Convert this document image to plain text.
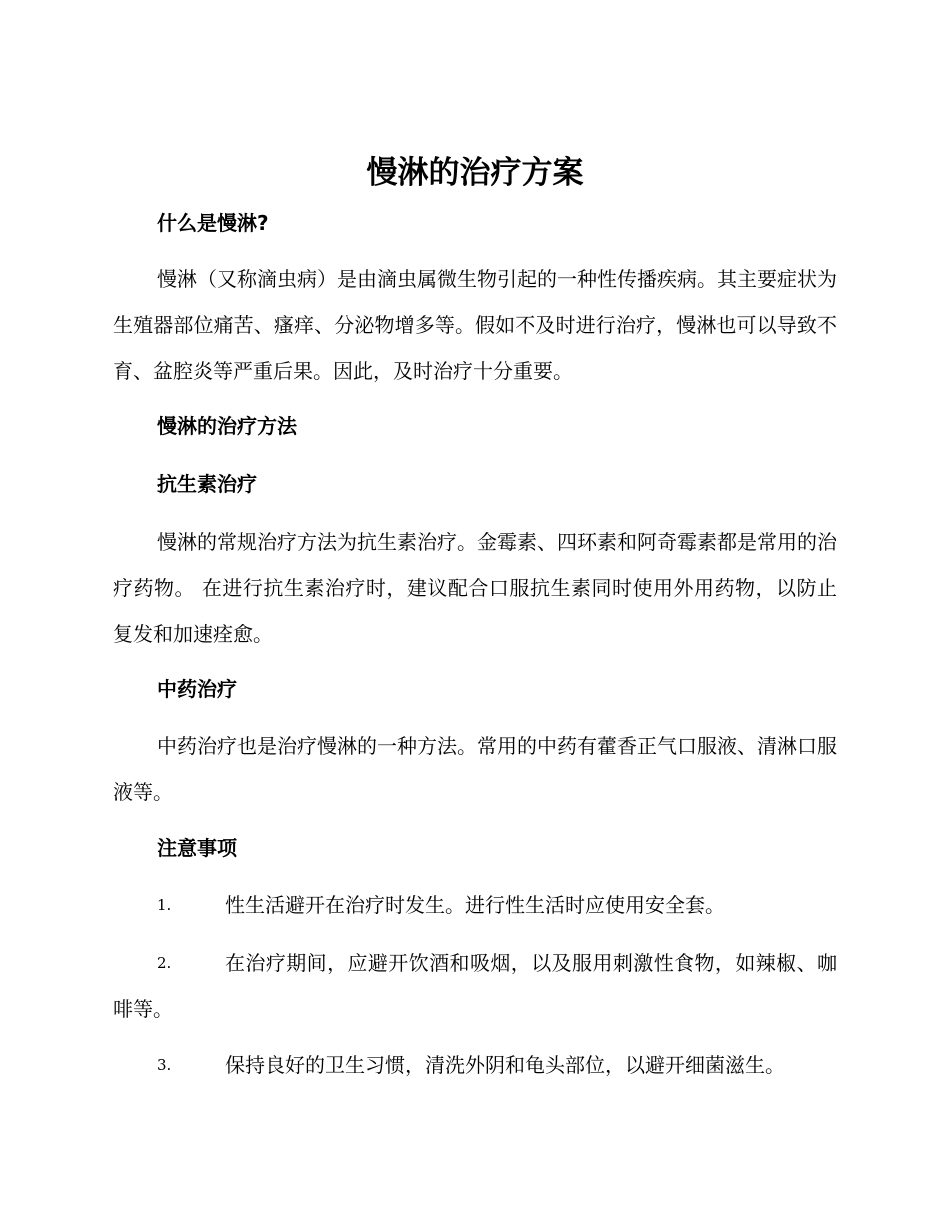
慢淋的治疗方案
什么是慢淋?

慢淋（又称滴虫病）是由滴虫属微生物引起的一种性传播疾病。其主要症状为生殖器部位痛苦、瘙痒、分泌物增多等。假如不及时进行治疗，慢淋也可以导致不育、盆腔炎等严重后果。因此，及时治疗十分重要。

慢淋的治疗方法
抗生素治疗

慢淋的常规治疗方法为抗生素治疗。金霉素、四环素和阿奇霉素都是常用的治疗药物。 在进行抗生素治疗时，建议配合口服抗生素同时使用外用药物，以防止复发和加速痊愈。

中药治疗

中药治疗也是治疗慢淋的一种方法。常用的中药有藿香正气口服液、清淋口服液等。

注意事项
1.	性生活避开在治疗时发生。进行性生活时应使用安全套。
2.	在治疗期间，应避开饮酒和吸烟，以及服用刺激性食物，如辣椒、咖啡等。
3.	保持良好的卫生习惯，清洗外阴和龟头部位，以避开细菌滋生。
